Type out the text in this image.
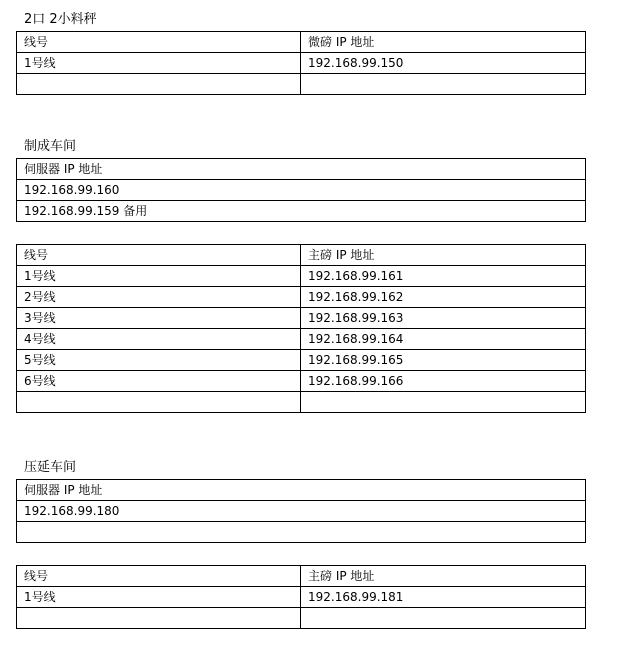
2口 2小料秤
线号	微磅 IP 地址
1号线	192.168.99.150

制成车间
伺服器 IP 地址
192.168.99.160
192.168.99.159 备用
线号	主磅 IP 地址
1号线	192.168.99.161
2号线	192.168.99.162
3号线	192.168.99.163
4号线	192.168.99.164
5号线	192.168.99.165
6号线	192.168.99.166

压延车间
伺服器 IP 地址
192.168.99.180

线号	主磅 IP 地址
1号线	192.168.99.181
